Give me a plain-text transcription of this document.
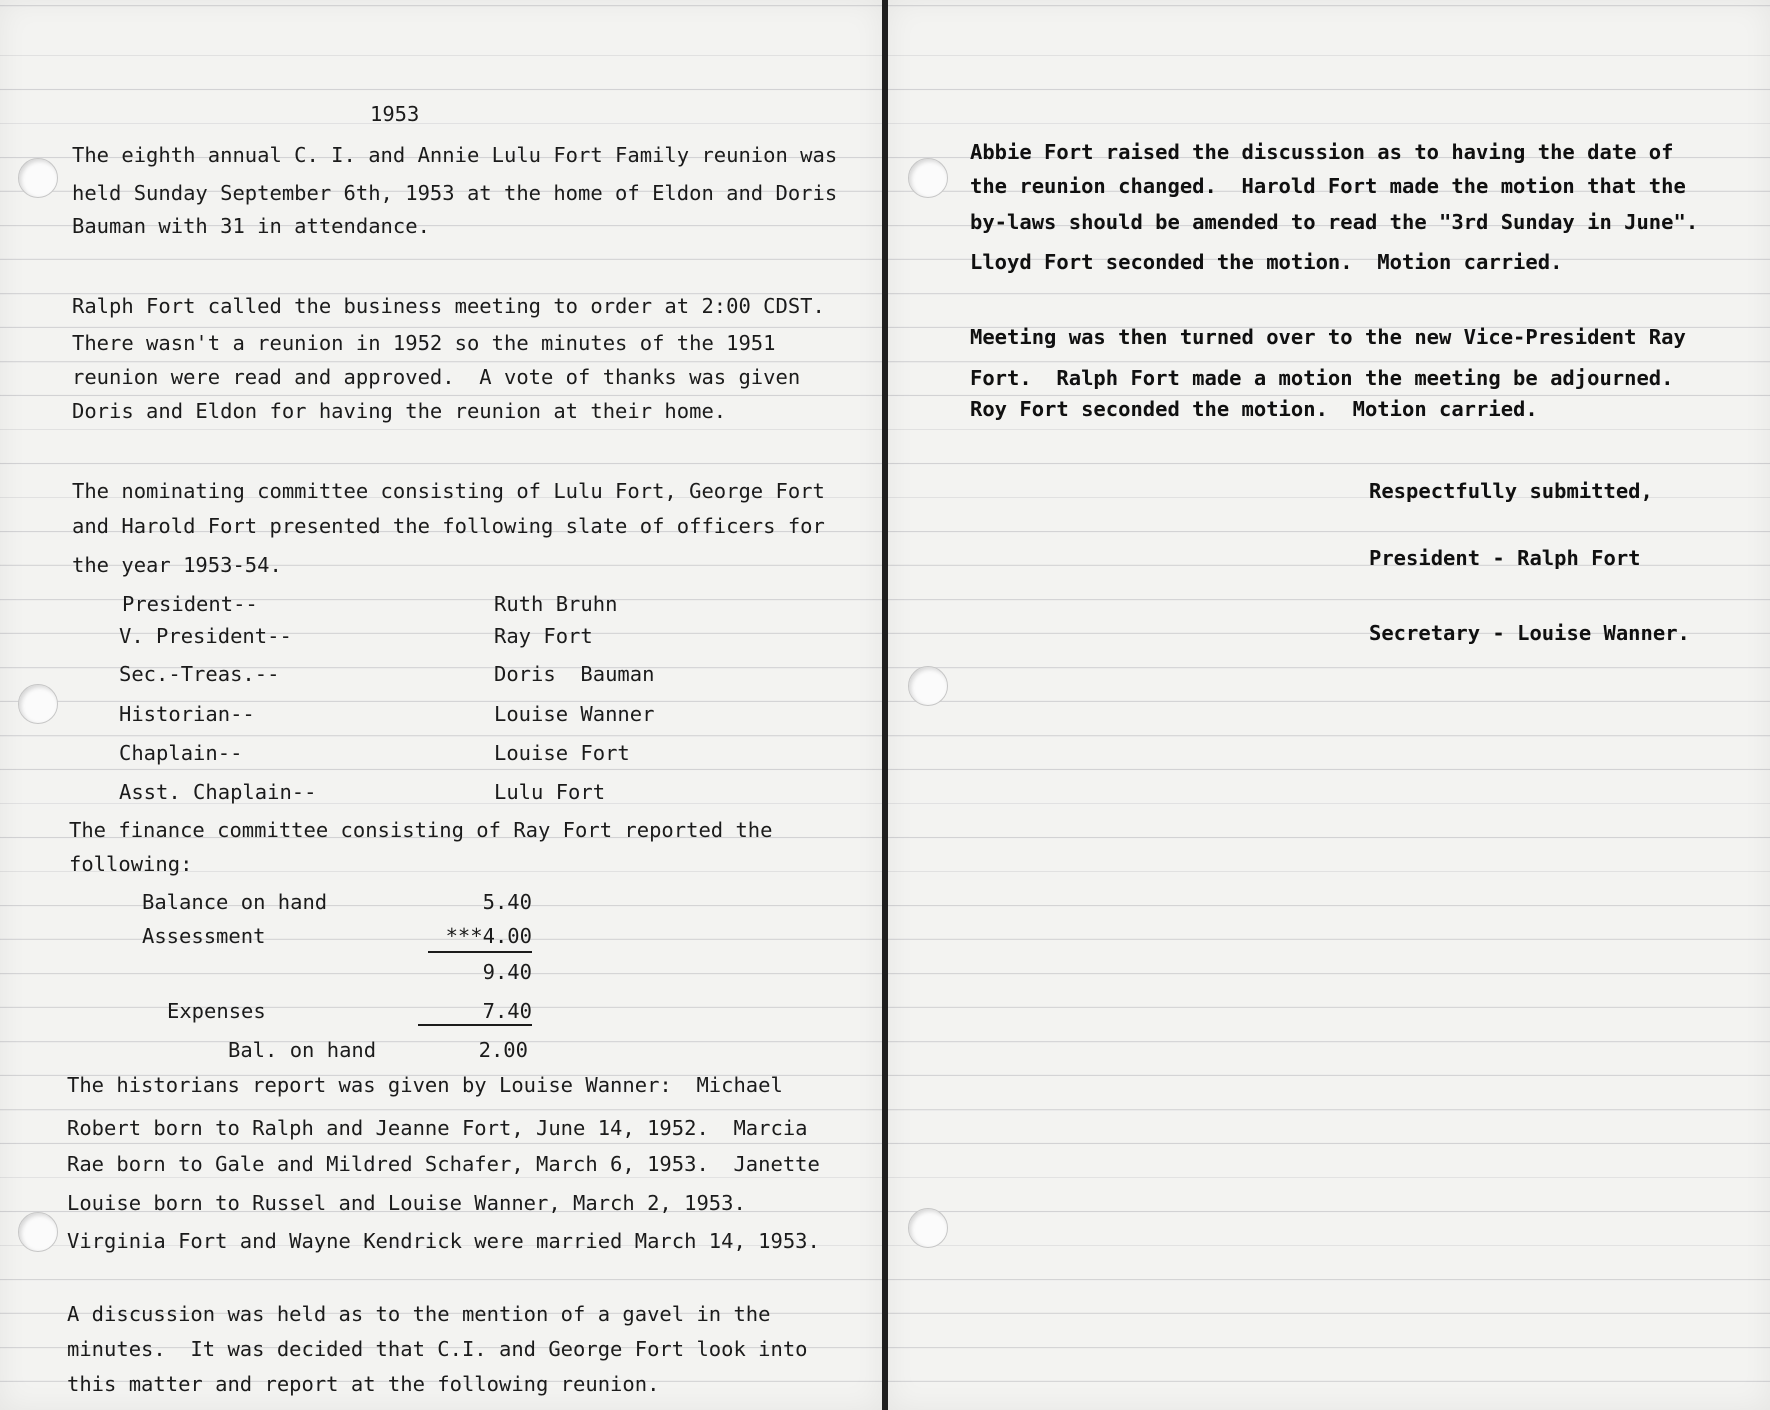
1953
The eighth annual C. I. and Annie Lulu Fort Family reunion was
held Sunday September 6th, 1953 at the home of Eldon and Doris
Bauman with 31 in attendance.
Ralph Fort called the business meeting to order at 2:00 CDST.
There wasn't a reunion in 1952 so the minutes of the 1951
reunion were read and approved.  A vote of thanks was given
Doris and Eldon for having the reunion at their home.
The nominating committee consisting of Lulu Fort, George Fort
and Harold Fort presented the following slate of officers for
the year 1953-54.
President--	Ruth Bruhn
V. President--	Ray Fort
Sec.-Treas.--	Doris  Bauman
Historian--	Louise Wanner
Chaplain--	Louise Fort
Asst. Chaplain--	Lulu Fort
The finance committee consisting of Ray Fort reported the
following:
Balance on hand	5.40
Assessment	***4.00
9.40
Expenses	7.40
Bal. on hand	2.00
The historians report was given by Louise Wanner:  Michael
Robert born to Ralph and Jeanne Fort, June 14, 1952.  Marcia
Rae born to Gale and Mildred Schafer, March 6, 1953.  Janette
Louise born to Russel and Louise Wanner, March 2, 1953.
Virginia Fort and Wayne Kendrick were married March 14, 1953.
A discussion was held as to the mention of a gavel in the
minutes.  It was decided that C.I. and George Fort look into
this matter and report at the following reunion.
Abbie Fort raised the discussion as to having the date of
the reunion changed.  Harold Fort made the motion that the
by-laws should be amended to read the "3rd Sunday in June".
Lloyd Fort seconded the motion.  Motion carried.
Meeting was then turned over to the new Vice-President Ray
Fort.  Ralph Fort made a motion the meeting be adjourned.
Roy Fort seconded the motion.  Motion carried.
Respectfully submitted,
President - Ralph Fort
Secretary - Louise Wanner.
